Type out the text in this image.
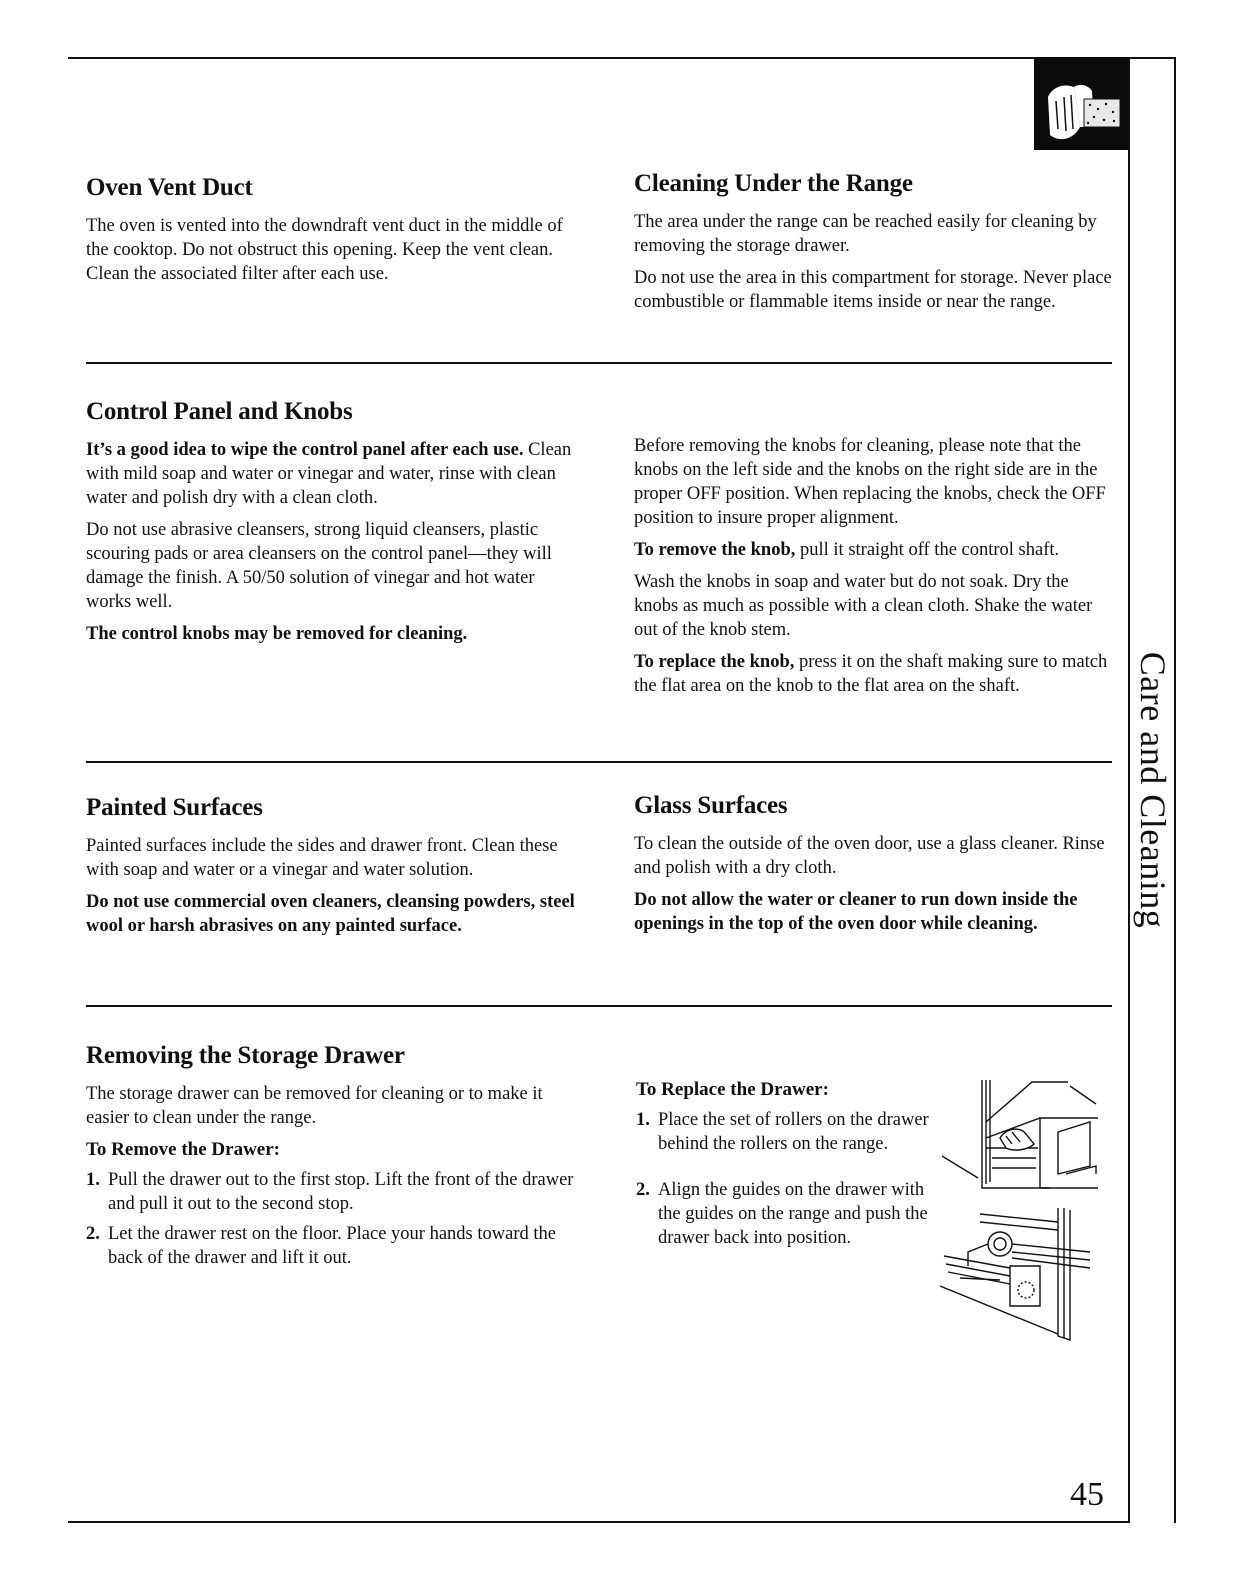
Care and Cleaning
Oven Vent Duct

The oven is vented into the downdraft vent duct in the middle of the cooktop. Do not obstruct this opening. Keep the vent clean. Clean the associated filter after each use.

Cleaning Under the Range

The area under the range can be reached easily for cleaning by removing the storage drawer.

Do not use the area in this compartment for storage. Never place combustible or flammable items inside or near the range.

Control Panel and Knobs

It’s a good idea to wipe the control panel after each use. Clean with mild soap and water or vinegar and water, rinse with clean water and polish dry with a clean cloth.

Do not use abrasive cleansers, strong liquid cleansers, plastic scouring pads or area cleansers on the control panel—they will damage the finish. A 50/50 solution of vinegar and hot water works well.

The control knobs may be removed for cleaning.

Before removing the knobs for cleaning, please note that the knobs on the left side and the knobs on the right side are in the proper OFF position. When replacing the knobs, check the OFF position to insure proper alignment.

To remove the knob, pull it straight off the control shaft.

Wash the knobs in soap and water but do not soak. Dry the knobs as much as possible with a clean cloth. Shake the water out of the knob stem.

To replace the knob, press it on the shaft making sure to match the flat area on the knob to the flat area on the shaft.

Painted Surfaces

Painted surfaces include the sides and drawer front. Clean these with soap and water or a vinegar and water solution.

Do not use commercial oven cleaners, cleansing powders, steel wool or harsh abrasives on any painted surface.

Glass Surfaces

To clean the outside of the oven door, use a glass cleaner. Rinse and polish with a dry cloth.

Do not allow the water or cleaner to run down inside the openings in the top of the oven door while cleaning.

Removing the Storage Drawer

The storage drawer can be removed for cleaning or to make it easier to clean under the range.

To Remove the Drawer:
1. Pull the drawer out to the first stop. Lift the front of the drawer and pull it out to the second stop.
2. Let the drawer rest on the floor. Place your hands toward the back of the drawer and lift it out.
To Replace the Drawer:
1. Place the set of rollers on the drawer behind the rollers on the range.
2. Align the guides on the drawer with the guides on the range and push the drawer back into position.
45
